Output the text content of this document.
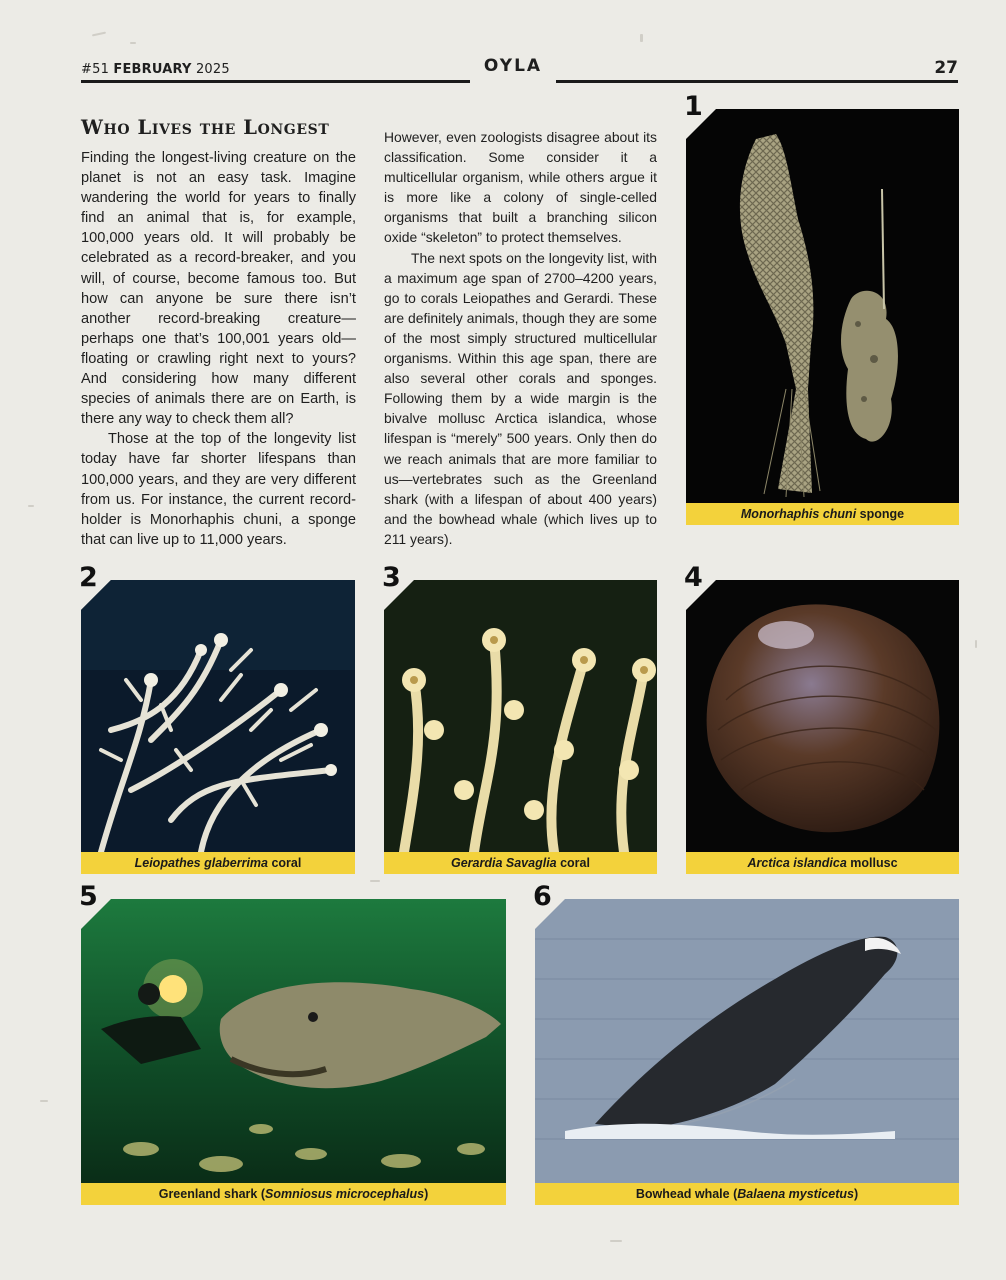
#51 FEBRUARY 2025	OYLA	27
Who Lives the Longest

Finding the longest-living creature on the planet is not an easy task. Imagine wandering the world for years to finally find an animal that is, for example, 100,000 years old. It will probably be celebrated as a record-breaker, and you will, of course, become famous too. But how can anyone be sure there isn’t another record-breaking creature—perhaps one that’s 100,001 years old—floating or crawling right next to yours? And considering how many different species of animals there are on Earth, is there any way to check them all?

Those at the top of the longevity list today have far shorter lifespans than 100,000 years, and they are very different from us. For instance, the current record-holder is Monorhaphis chuni, a sponge that can live up to 11,000 years.

However, even zoologists disagree about its classification. Some consider it a multicellular organism, while others argue it is more like a colony of single-celled organisms that built a branching silicon oxide “skeleton” to protect themselves.

The next spots on the longevity list, with a maximum age span of 2700–4200 years, go to corals Leiopathes and Gerardi. These are definitely animals, though they are some of the most simply structured multicellular organisms. Within this age span, there are also several other corals and sponges. Following them by a wide margin is the bivalve mollusc Arctica islandica, whose lifespan is “merely” 500 years. Only then do we reach animals that are more familiar to us—vertebrates such as the Greenland shark (with a lifespan of about 400 years) and the bowhead whale (which lives up to 211 years).

1
Monorhaphis chuni sponge
2
Leiopathes glaberrima coral
3
Gerardia Savaglia coral
4
Arctica islandica mollusc
5
Greenland shark (Somniosus microcephalus)
6
Bowhead whale (Balaena mysticetus)
